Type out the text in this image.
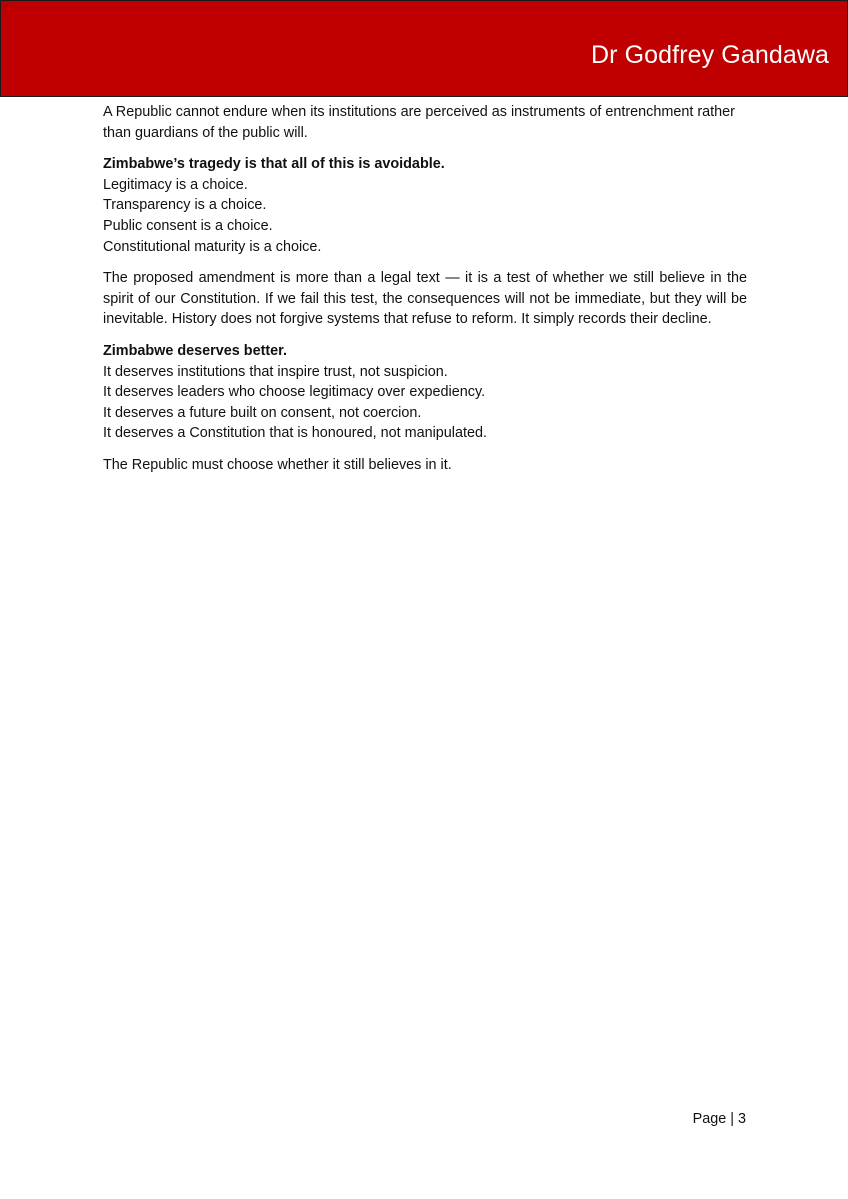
Dr Godfrey Gandawa

A Republic cannot endure when its institutions are perceived as instruments of entrenchment rather than guardians of the public will.

Zimbabwe’s tragedy is that all of this is avoidable.
Legitimacy is a choice.
Transparency is a choice.
Public consent is a choice.
Constitutional maturity is a choice.

The proposed amendment is more than a legal text — it is a test of whether we still believe in the spirit of our Constitution. If we fail this test, the consequences will not be immediate, but they will be inevitable. History does not forgive systems that refuse to reform. It simply records their decline.

Zimbabwe deserves better.
It deserves institutions that inspire trust, not suspicion.
It deserves leaders who choose legitimacy over expediency.
It deserves a future built on consent, not coercion.
It deserves a Constitution that is honoured, not manipulated.

The Republic must choose whether it still believes in it.

Page | 3
